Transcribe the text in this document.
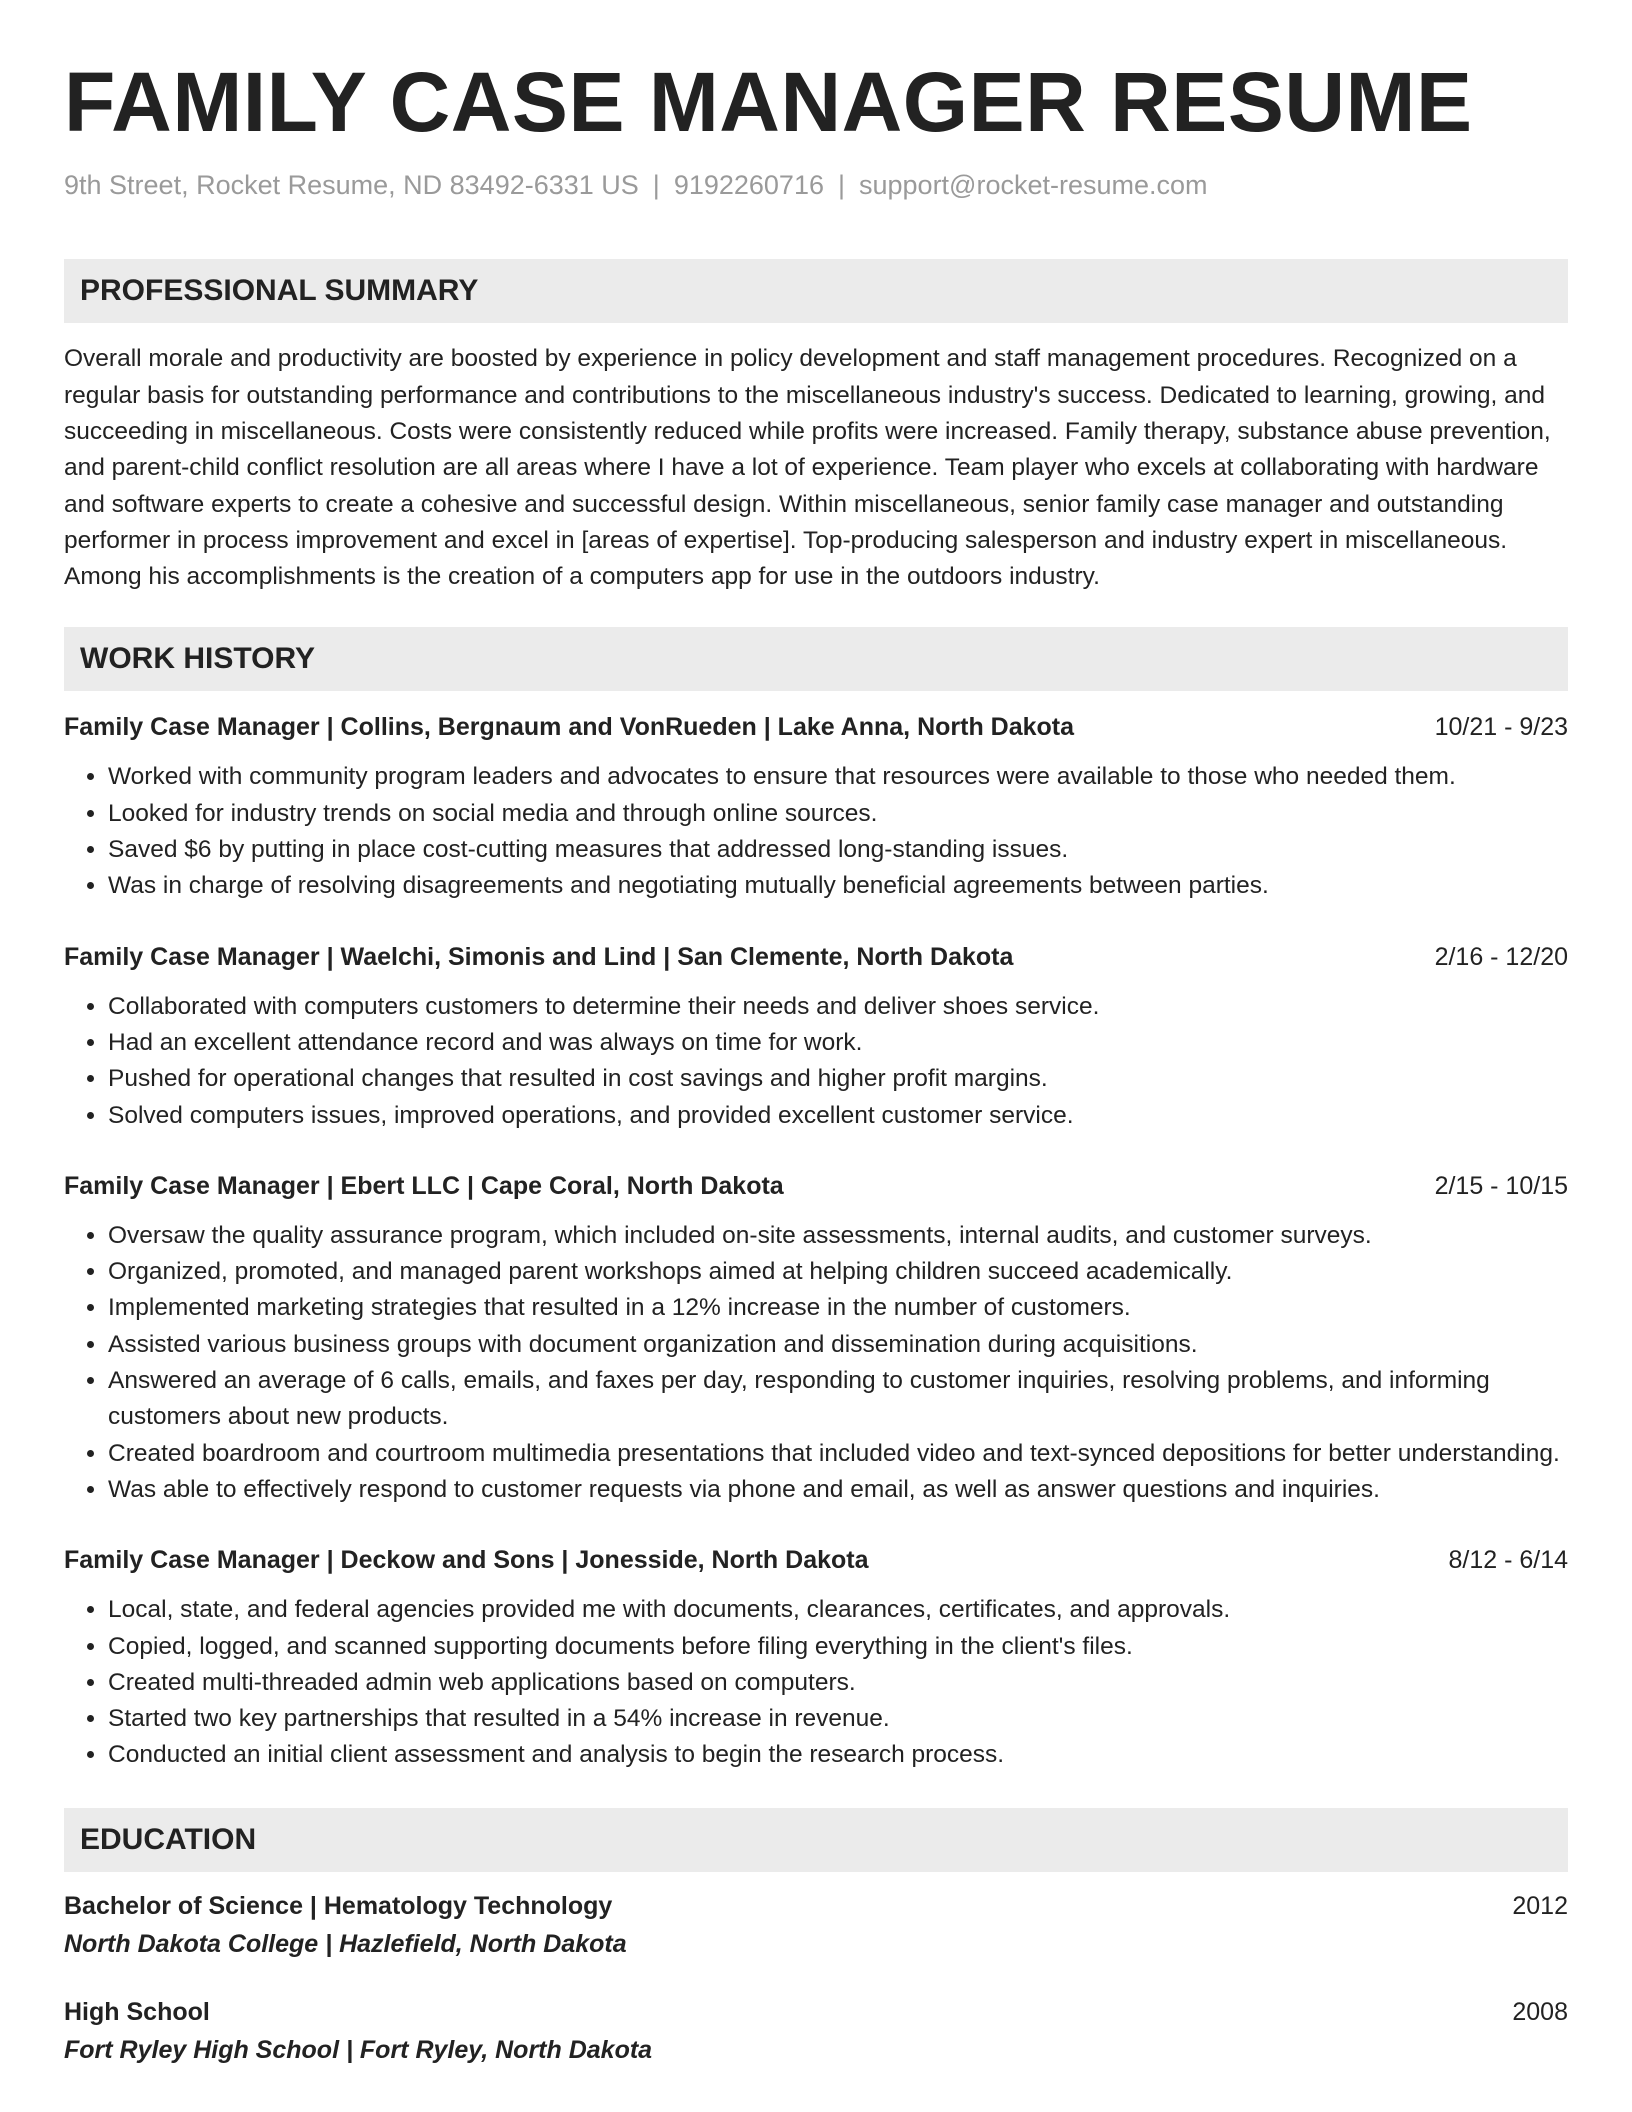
FAMILY CASE MANAGER RESUME
9th Street, Rocket Resume, ND 83492-6331 US | 9192260716 | support@rocket-resume.com
PROFESSIONAL SUMMARY

Overall morale and productivity are boosted by experience in policy development and staff management procedures. Recognized on a regular basis for outstanding performance and contributions to the miscellaneous industry's success. Dedicated to learning, growing, and succeeding in miscellaneous. Costs were consistently reduced while profits were increased. Family therapy, substance abuse prevention, and parent-child conflict resolution are all areas where I have a lot of experience. Team player who excels at collaborating with hardware and software experts to create a cohesive and successful design. Within miscellaneous, senior family case manager and outstanding performer in process improvement and excel in [areas of expertise]. Top-producing salesperson and industry expert in miscellaneous. Among his accomplishments is the creation of a computers app for use in the outdoors industry.

WORK HISTORY
Family Case Manager | Collins, Bergnaum and VonRueden | Lake Anna, North Dakota	10/21 - 9/23
• Worked with community program leaders and advocates to ensure that resources were available to those who needed them.
• Looked for industry trends on social media and through online sources.
• Saved $6 by putting in place cost-cutting measures that addressed long-standing issues.
• Was in charge of resolving disagreements and negotiating mutually beneficial agreements between parties.
Family Case Manager | Waelchi, Simonis and Lind | San Clemente, North Dakota	2/16 - 12/20
• Collaborated with computers customers to determine their needs and deliver shoes service.
• Had an excellent attendance record and was always on time for work.
• Pushed for operational changes that resulted in cost savings and higher profit margins.
• Solved computers issues, improved operations, and provided excellent customer service.
Family Case Manager | Ebert LLC | Cape Coral, North Dakota	2/15 - 10/15
• Oversaw the quality assurance program, which included on-site assessments, internal audits, and customer surveys.
• Organized, promoted, and managed parent workshops aimed at helping children succeed academically.
• Implemented marketing strategies that resulted in a 12% increase in the number of customers.
• Assisted various business groups with document organization and dissemination during acquisitions.
• Answered an average of 6 calls, emails, and faxes per day, responding to customer inquiries, resolving problems, and informing customers about new products.
• Created boardroom and courtroom multimedia presentations that included video and text-synced depositions for better understanding.
• Was able to effectively respond to customer requests via phone and email, as well as answer questions and inquiries.
Family Case Manager | Deckow and Sons | Jonesside, North Dakota	8/12 - 6/14
• Local, state, and federal agencies provided me with documents, clearances, certificates, and approvals.
• Copied, logged, and scanned supporting documents before filing everything in the client's files.
• Created multi-threaded admin web applications based on computers.
• Started two key partnerships that resulted in a 54% increase in revenue.
• Conducted an initial client assessment and analysis to begin the research process.
EDUCATION
Bachelor of Science | Hematology Technology	2012
North Dakota College | Hazlefield, North Dakota
High School	2008
Fort Ryley High School | Fort Ryley, North Dakota
